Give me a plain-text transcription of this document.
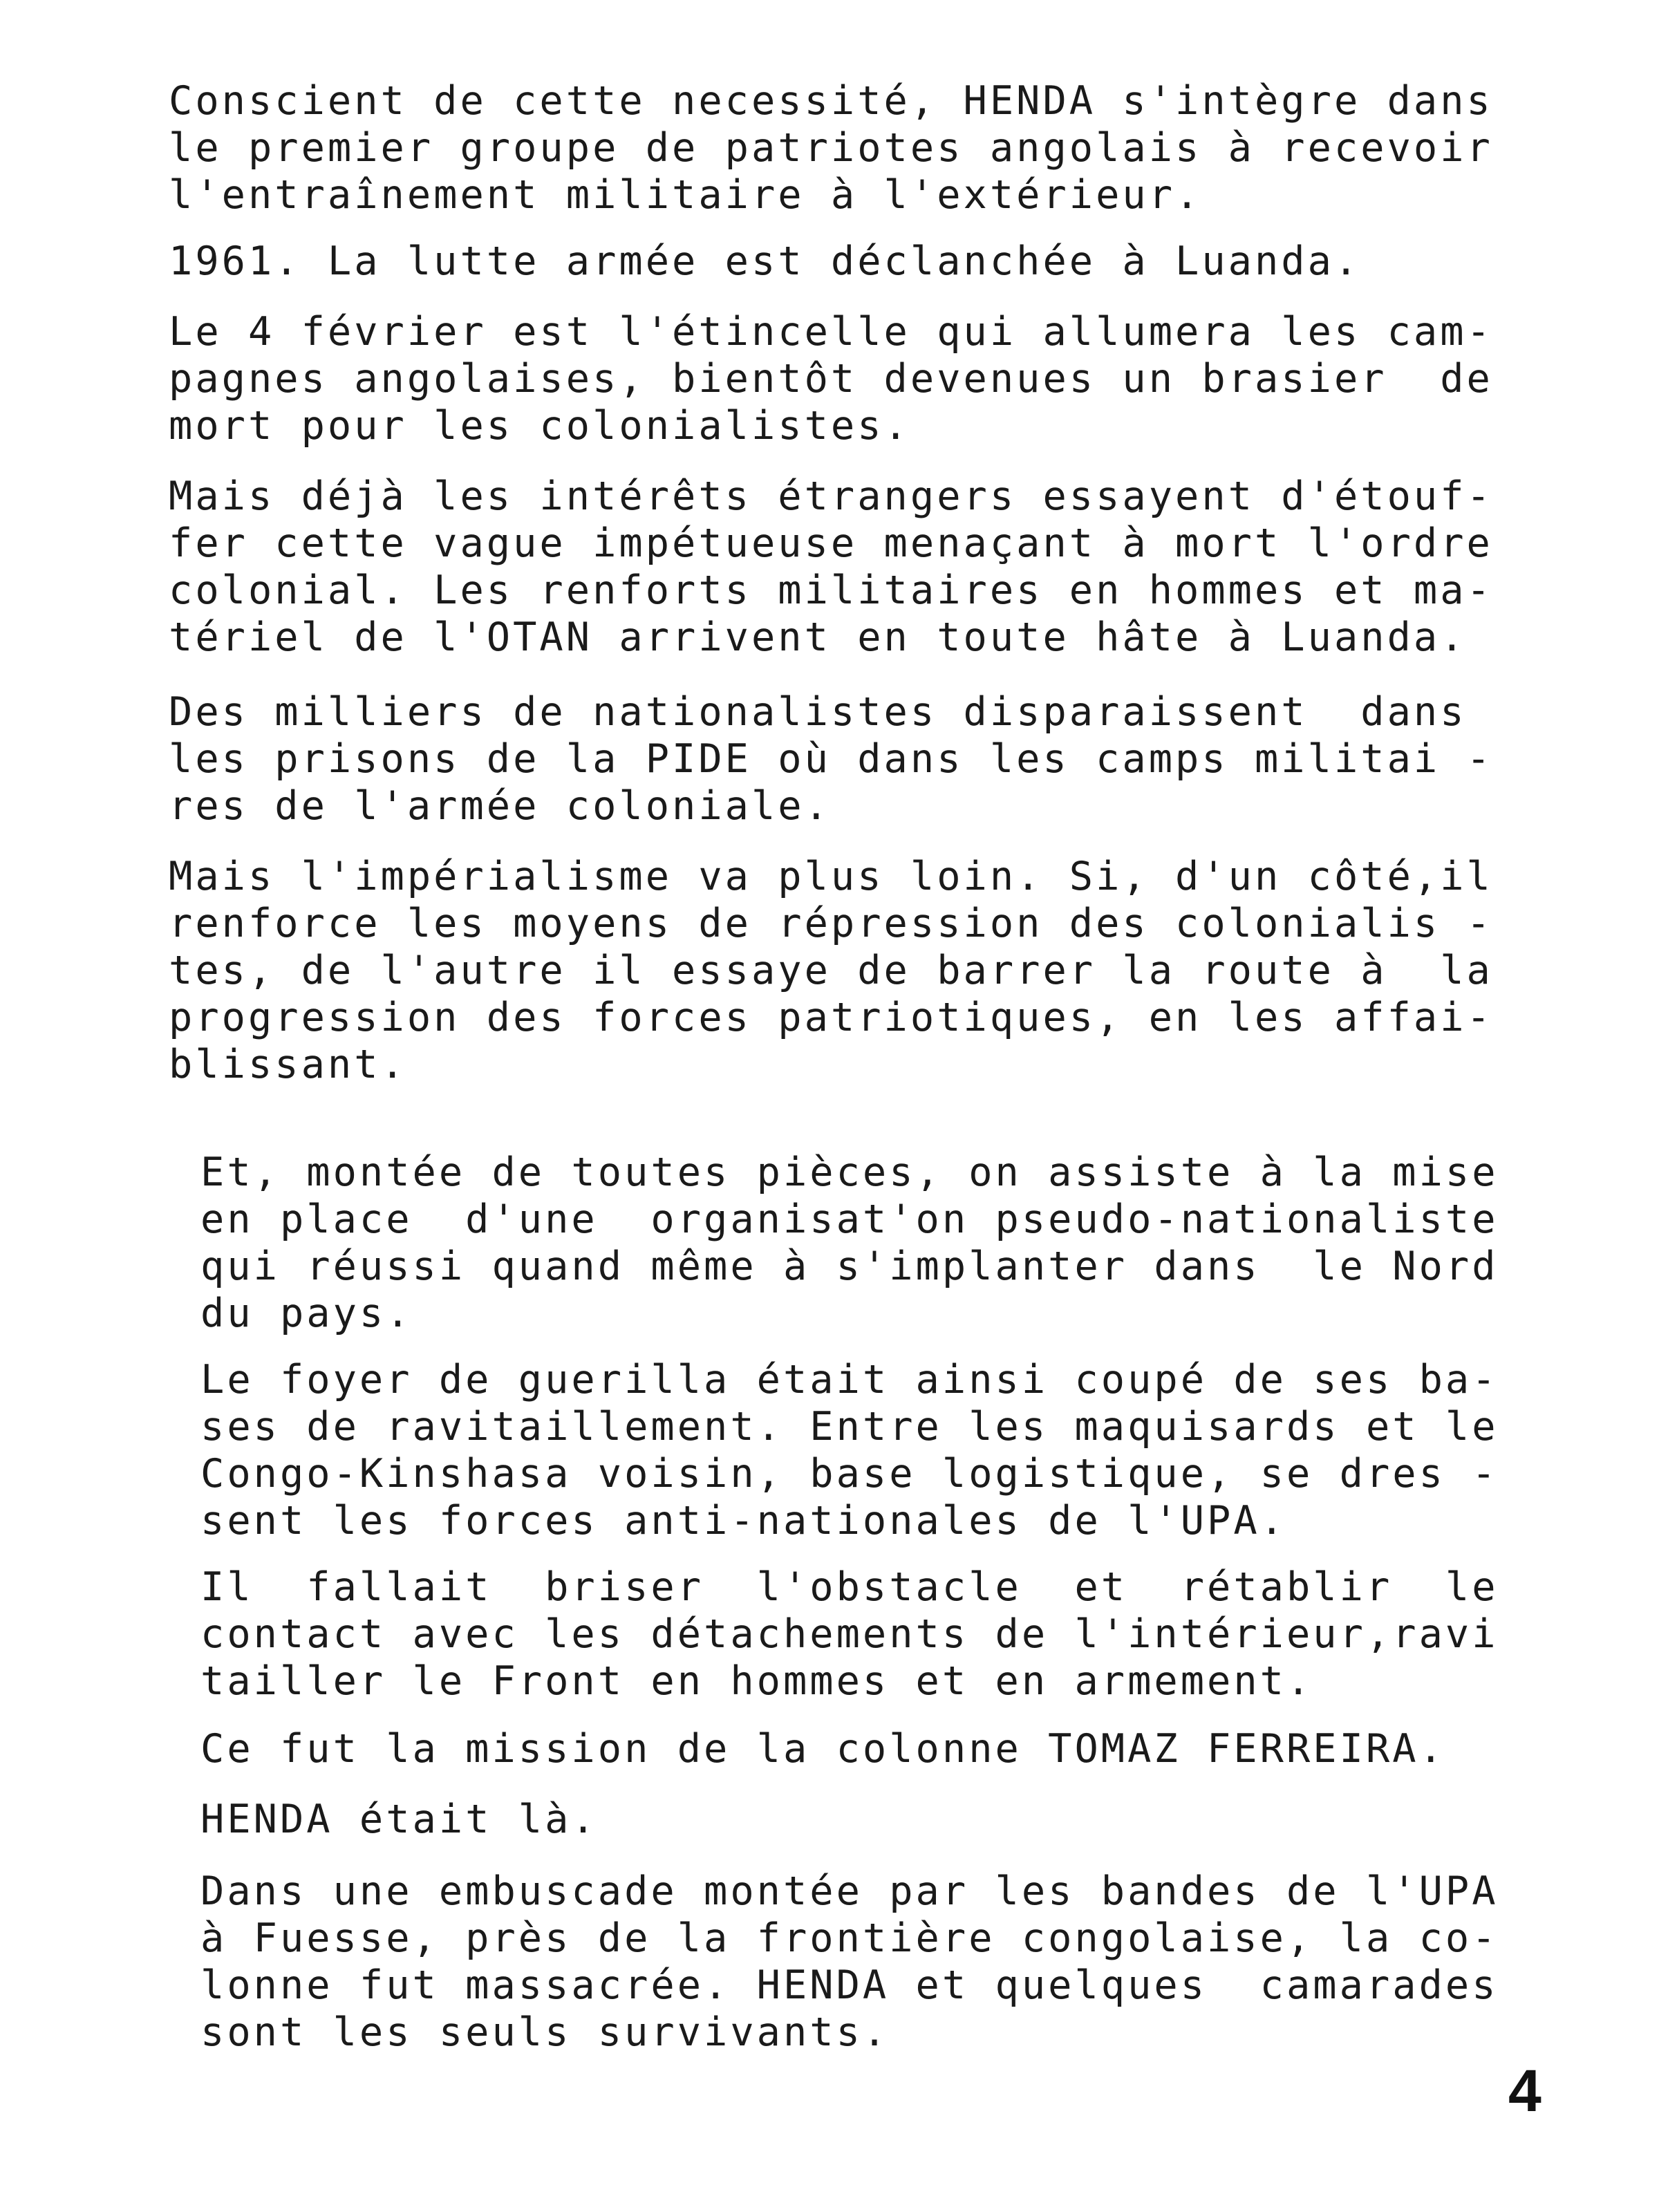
Conscient de cette necessité, HENDA s'intègre dans
le premier groupe de patriotes angolais à recevoir
l'entraînement militaire à l'extérieur.
1961. La lutte armée est déclanchée à Luanda.
Le 4 février est l'étincelle qui allumera les cam-
pagnes angolaises, bientôt devenues un brasier  de
mort pour les colonialistes.
Mais déjà les intérêts étrangers essayent d'étouf-
fer cette vague impétueuse menaçant à mort l'ordre
colonial. Les renforts militaires en hommes et ma-
tériel de l'OTAN arrivent en toute hâte à Luanda.
Des milliers de nationalistes disparaissent  dans
les prisons de la PIDE où dans les camps militai -
res de l'armée coloniale.
Mais l'impérialisme va plus loin. Si, d'un côté,il
renforce les moyens de répression des colonialis -
tes, de l'autre il essaye de barrer la route à  la
progression des forces patriotiques, en les affai-
blissant.
Et, montée de toutes pièces, on assiste à la mise
en place  d'une  organisat'on pseudo-nationaliste
qui réussi quand même à s'implanter dans  le Nord
du pays.
Le foyer de guerilla était ainsi coupé de ses ba-
ses de ravitaillement. Entre les maquisards et le
Congo-Kinshasa voisin, base logistique, se dres -
sent les forces anti-nationales de l'UPA.
Il  fallait  briser  l'obstacle  et  rétablir  le
contact avec les détachements de l'intérieur,ravi
tailler le Front en hommes et en armement.
Ce fut la mission de la colonne TOMAZ FERREIRA.
HENDA était là.
Dans une embuscade montée par les bandes de l'UPA
à Fuesse, près de la frontière congolaise, la co-
lonne fut massacrée. HENDA et quelques  camarades
sont les seuls survivants.
4
